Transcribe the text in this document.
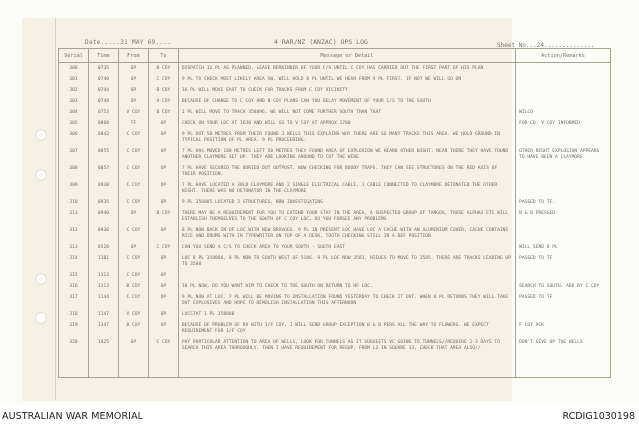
Date.....31 MAY 69....	4 RAR/NZ (ANZAC) OPS LOG	Sheet No...24..............
Serial	Time	From	To	Message or Detail	Action/Remarks
300	0735	OP	B COY	DISPATCH 11 PL AS PLANNED, LEAVE REMAINDER OF YOUR C/S UNTIL C COY HAS CARRIED OUT THE FIRST PART OF HIS PLAN	
301	0740	OP	C COY	9 PL TO CHECK MOST LIKELY AREA SW. WILL HOLD 8 PL UNTIL WE HEAR FROM 9 PL FIRST. IF NOT WE WILL GO ON	
302	0744	OP	B COY	10 PL WILL MOVE EAST TO CHECK FOR TRACKS FROM C COY VICINITY	
303	0748	OP	V COY	BECAUSE OF CHANGE TO C COY AND B COY PLANS CAN YOU DELAY MOVEMENT OF YOUR C/S TO THE SOUTH	
304	0753	V COY	B COY	1 PL WILL MOVE TO TRACK 358896, WE WILL NOT COME FURTHER SOUTH THAN THAT	WILCO
305	0800	TF	OP	CHECK ON YOUR LOC AT 1630 AND WILL GO TO V COY AT APPROX 1700	FOR CO: V COY INFORMED
306	0843	C COY	OP	9 PL OUT 50 METRES FROM THEIR FOUND 3 WELLS THIS EXPLAINS WHY THERE ARE SO MANY TRACKS THIS AREA. WE HOLD GROUND IN TYPICAL POSITION OF PL AREA. 9 PL PROCEEDING.	
307	0855	C COY	OP	7 PL HAS MOVED 100 METRES LEFT 50 METRES THEY FOUND AREA OF EXPLOSION WE HEARD OTHER NIGHT. NEAR THERE THEY HAVE FOUND ANOTHER CLAYMORE SET UP. THEY ARE LOOKING AROUND TO CUT THE WIRE	OTHER NIGHT EXPLOSION APPEARS TO HAVE BEEN A CLAYMORE
308	0857	C COY	OP	7 PL HAVE SECURED THE BURIED DUT OUTPOST, NOW CHECKING FOR BOOBY TRAPS. THEY CAN SEE STRUCTURES ON THE RED AXIS OF THEIR POSITION.	
309	0930	C COY	OP	7 PL HAVE LOCATED A 30LB CLAYMORE AND 2 SINGLE ELECTRICAL CABLE, 1 CABLE CONNECTED TO CLAYMORE DETONATED THE OTHER NIGHT. THERE WAS NO DETONATOR IN THE CLAYMORE	
310	0935	C COY	OP	9 PL 356885 LOCATED 3 STRUCTURES, NOW INVESTIGATING	PASSED TO TF.
311	0940	OP	B COY	THERE MAY BE A REQUIREMENT FOR YOU TO EXTEND YOUR STAY IN THE AREA, A SUSPECTED GROUP OF TANGOS, THOSE ALPHAS ETC WILL ESTABLISH THEMSELVES TO THE SOUTH OF C COY LOC, DO YOU FORSEE ANY PROBLEMS	N & B PRESSED
312	0930	C COY	OP	8 PL NOW BACK IN OF LOC WITH NEW BRAVOES. 9 PL IN PRESENT LOC HAVE LOC A CACHE WITH AN ALUMINIUM COVER, CACHE CONTAINS RICE AND DRUMS WITH IN TYPEWRITER ON TOP OF A DESK, TOOTH CHECKING STILL IN A DEF POSITION	
313	0520	OP	C COY	CAN YOU SEND A C/S TO CHECK AREA TO YOUR SOUTH - SOUTH EAST	WILL SEND 8 PL
314	1101	C COY	OP	LOC 8 PL 358886, 8 PL NOW TO SOUTH WEST OF 5186. 9 PL LOC NOW 3581, HIEUES TO MOVE TO 3585. THERE ARE TRACKS LEADING UP TO 3588	PASSED TO TF
315	1113	C COY	OP		
316	1113	B COY	OP	10 PL NOW, DO YOU WANT HIM TO CHECK TO THE SOUTH ON RETURN TO HF LOC.	SEARCH TO SOUTH. ADD BY C COY
317	1144	C COY	OP	9 PL NOW AT LOC. 7 PL WILL BE MOVING TO INSTALLATION FOUND YESTERDAY TO CHECK IT OUT. WHEN 8 PL RETURNS THEY WILL TAKE OUT EXPLOSIVES AND HOPE TO DEMOLISH INSTALLATION THIS AFTERNOON	PASSED TO TF
318	1147	V COY	OP	LOCSTAT 1 PL 358888	
319	1347	B COY	OP	BECAUSE OF PROBLEM OF RV WITH 1/F COY, I WILL SEND GROUP EXCEPTION B & B PERS ALL THE WAY TO FLOWERS. WE EXPECT REQUIREMENT FOR 1/F COY	F COY ACK
320	1425	OP	C COY	PAY PARTICULAR ATTENTION TO AREA OF WELLS, LOOK FOR TUNNELS AS IT SUGGESTS VC GOING TO TUNNELS//REQUIRE 2-3 DAYS TO SEARCH THIS AREA THOROUGHLY. THEN I HAVE REQUIREMENT FOR REGUP, FROM LZ IN SQUARE 13, CHECK THAT AREA ALSO//	DON'T GIVE UP THE WELLS
AUSTRALIAN WAR MEMORIAL	RCDIG1030198
